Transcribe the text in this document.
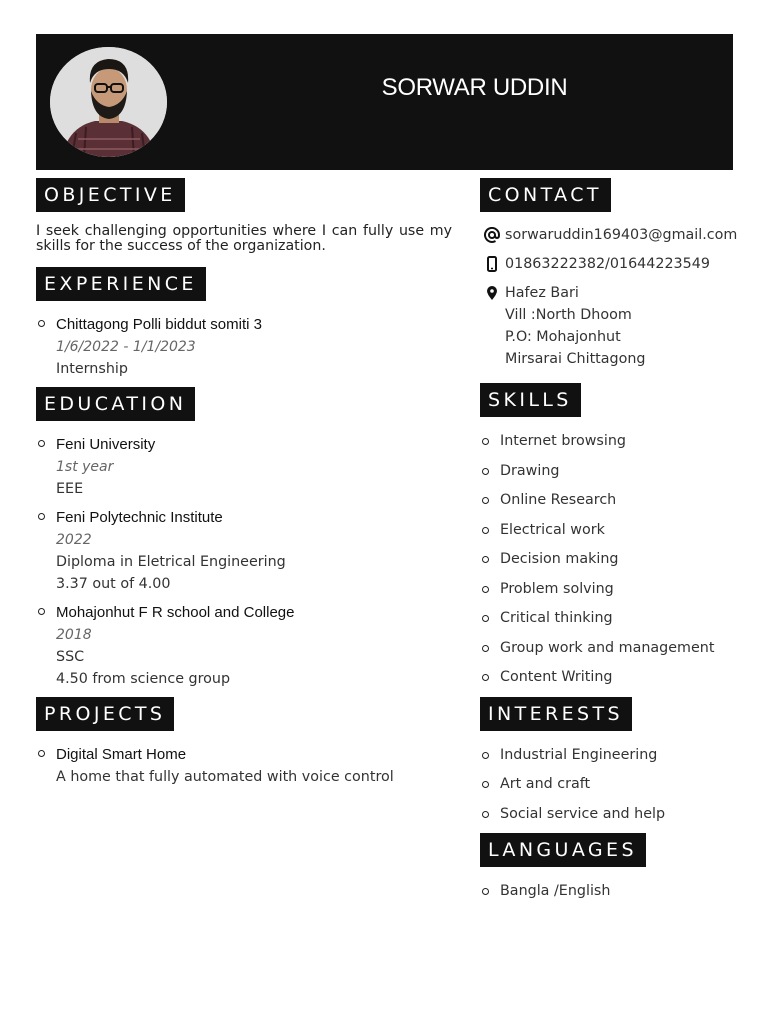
SORWAR UDDIN
OBJECTIVE

I seek challenging opportunities where I can fully use my skills for the success of the organization.

EXPERIENCE
Chittagong Polli biddut somiti 3
1/6/2022 - 1/1/2023
Internship
EDUCATION
Feni University
1st year
EEE
Feni Polytechnic Institute
2022
Diploma in Eletrical Engineering
3.37 out of 4.00
Mohajonhut F R school and College
2018
SSC
4.50 from science group
PROJECTS
Digital Smart Home
A home that fully automated with voice control
CONTACT
sorwaruddin169403@gmail.com
01863222382/01644223549
Hafez Bari
Vill :North Dhoom
P.O: Mohajonhut
Mirsarai Chittagong
SKILLS
Internet browsing
Drawing
Online Research
Electrical work
Decision making
Problem solving
Critical thinking
Group work and management
Content Writing
INTERESTS
Industrial Engineering
Art and craft
Social service and help
LANGUAGES
Bangla /English
